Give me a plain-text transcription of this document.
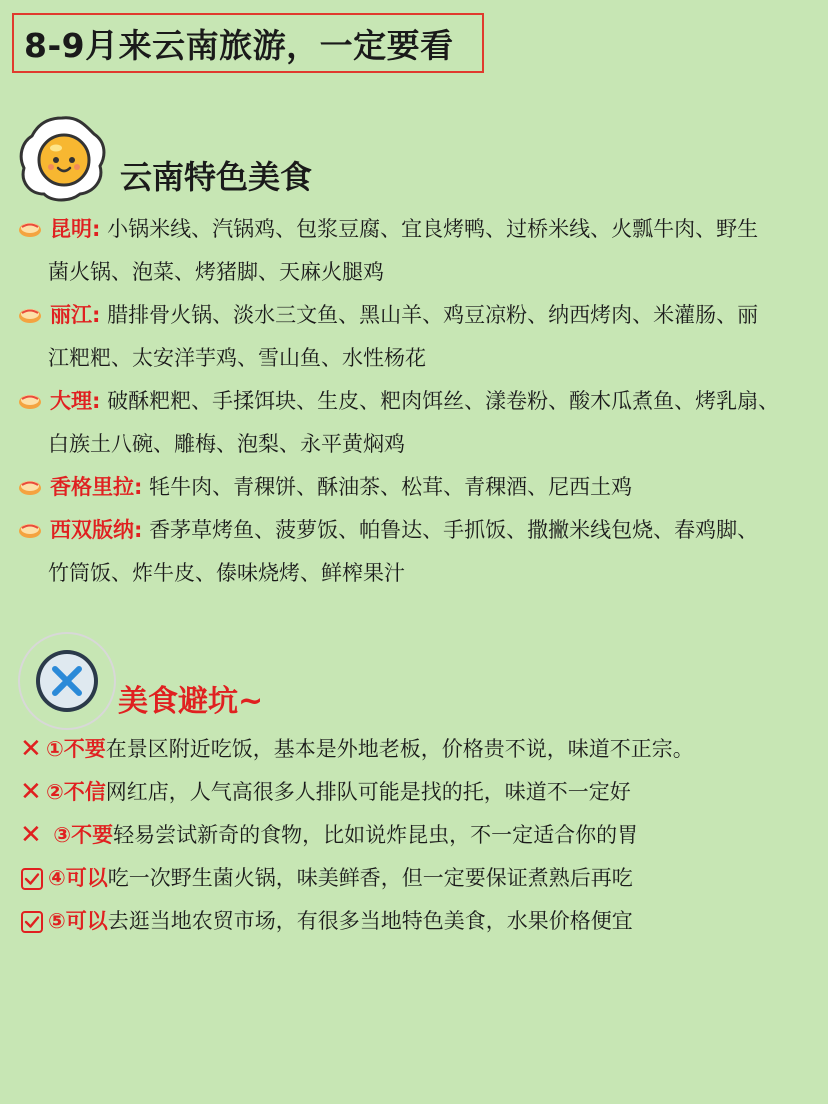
8-9月来云南旅游，一定要看
云南特色美食
昆明: 小锅米线、汽锅鸡、包浆豆腐、宜良烤鸭、过桥米线、火瓢牛肉、野生
菌火锅、泡菜、烤猪脚、天麻火腿鸡
丽江: 腊排骨火锅、淡水三文鱼、黑山羊、鸡豆凉粉、纳西烤肉、米灌肠、丽
江粑粑、太安洋芋鸡、雪山鱼、水性杨花
大理: 破酥粑粑、手揉饵块、生皮、粑肉饵丝、漾卷粉、酸木瓜煮鱼、烤乳扇、
白族土八碗、雕梅、泡梨、永平黄焖鸡
香格里拉: 牦牛肉、青稞饼、酥油茶、松茸、青稞酒、尼西土鸡
西双版纳: 香茅草烤鱼、菠萝饭、帕鲁达、手抓饭、撒撇米线包烧、春鸡脚、
竹筒饭、炸牛皮、傣味烧烤、鲜榨果汁
美食避坑~
✕ ① 不要 在景区附近吃饭，基本是外地老板，价格贵不说，味道不正宗。
✕ ② 不信 网红店，人气高很多人排队可能是找的托，味道不一定好
✕ ③ 不要 轻易尝试新奇的食物，比如说炸昆虫，不一定适合你的胃
④ 可以 吃一次野生菌火锅，味美鲜香，但一定要保证煮熟后再吃
⑤ 可以 去逛当地农贸市场，有很多当地特色美食，水果价格便宜
